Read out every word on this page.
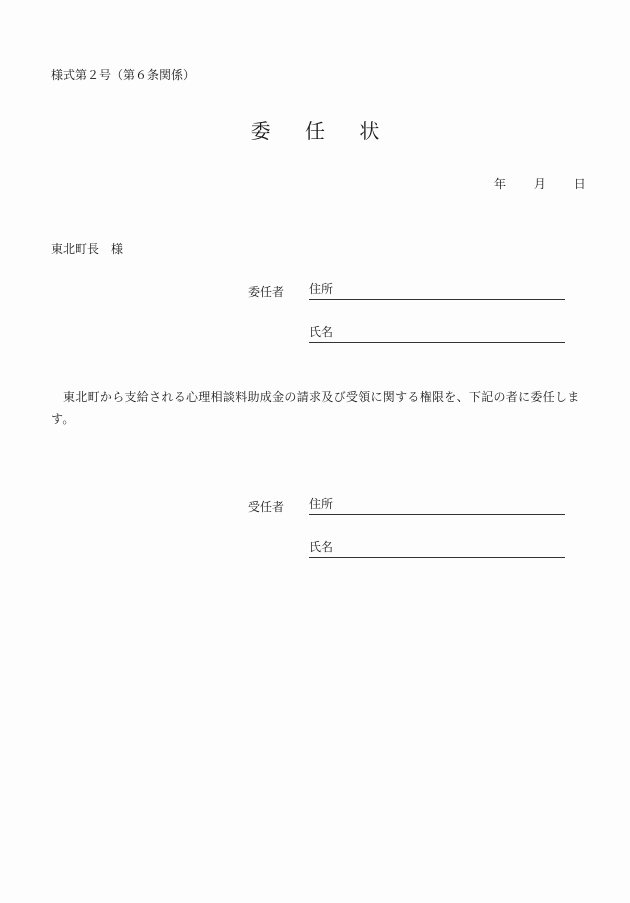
様式第２号（第６条関係）
委 任 状
年 月 日
東北町長　様
委任者 住所
氏名
東北町から支給される心理相談料助成金の請求及び受領に関する権限を、下記の者に委任します。
受任者 住所
氏名
